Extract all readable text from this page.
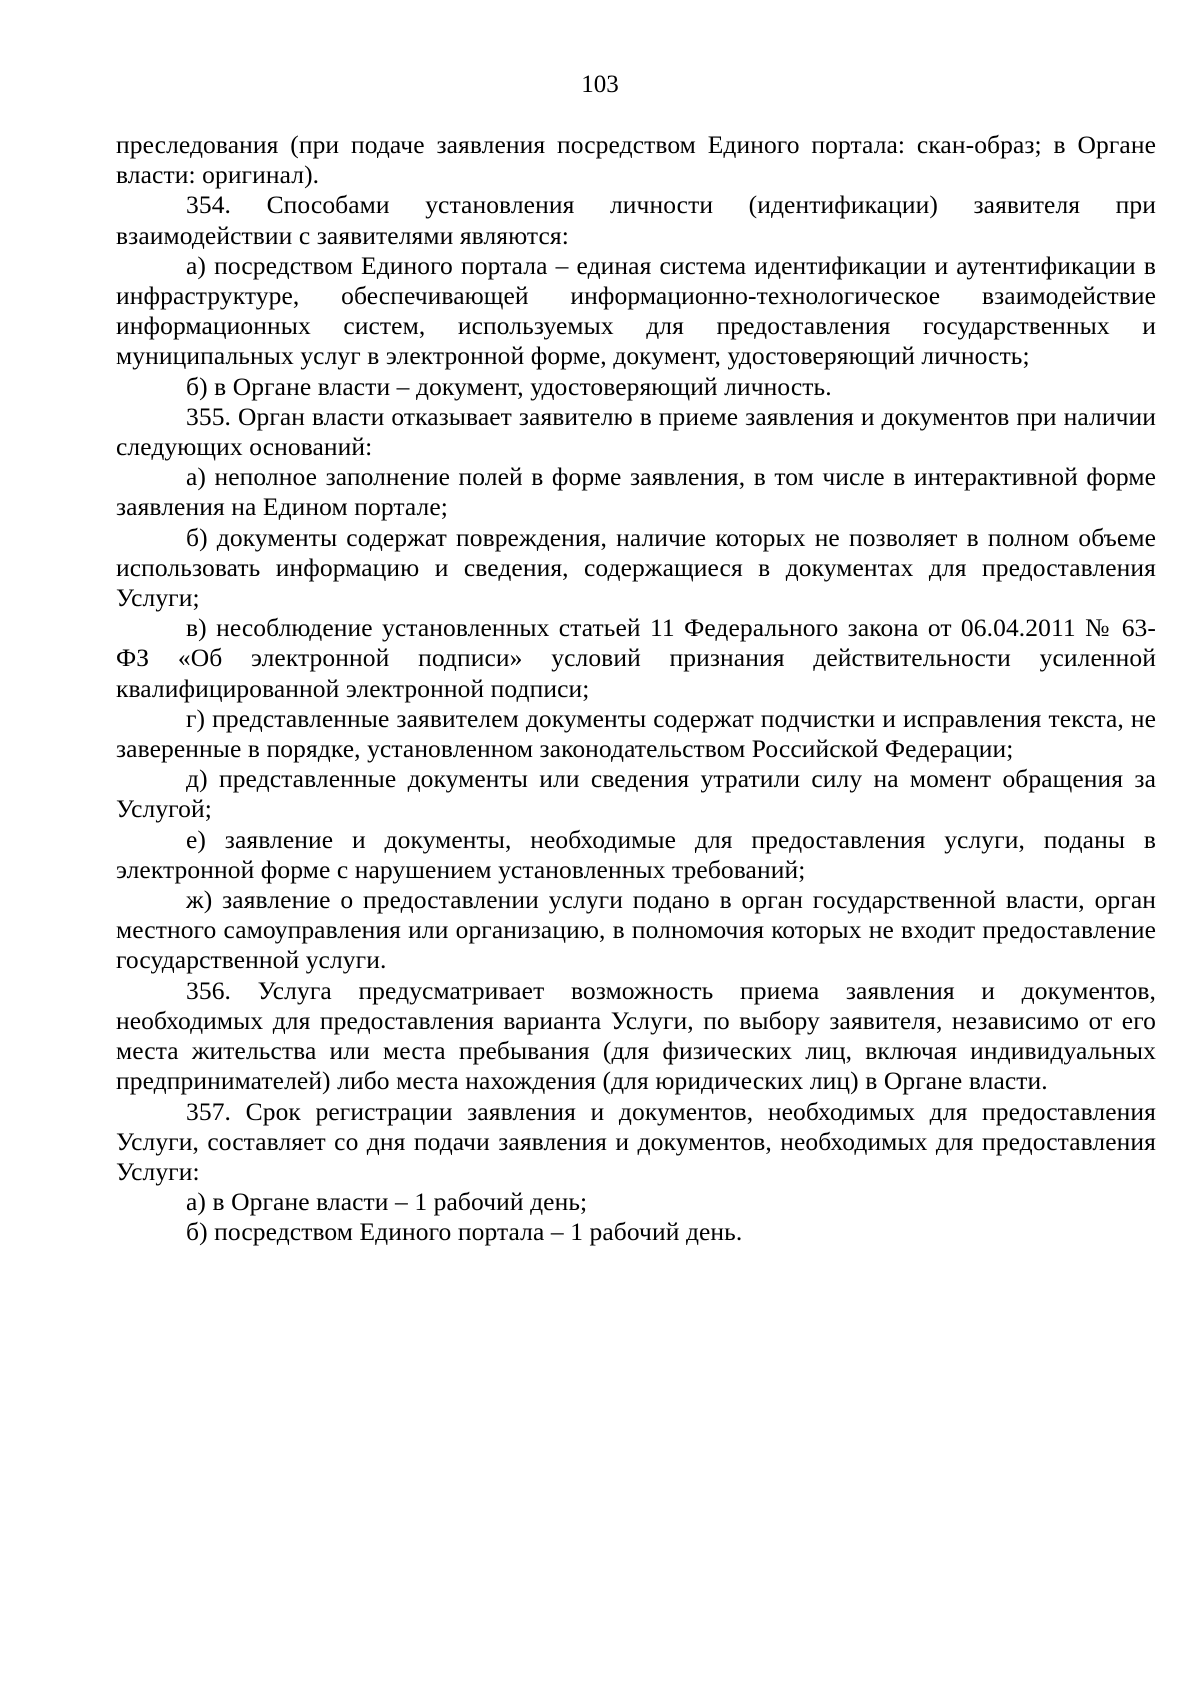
103

преследования (при подаче заявления посредством Единого портала: скан-образ; в Органе власти: оригинал).

354. Способами установления личности (идентификации) заявителя при взаимодействии с заявителями являются:

а) посредством Единого портала – единая система идентификации и аутентификации в инфраструктуре, обеспечивающей информационно-технологическое взаимодействие информационных систем, используемых для предоставления государственных и муниципальных услуг в электронной форме, документ, удостоверяющий личность;

б) в Органе власти – документ, удостоверяющий личность.

355. Орган власти отказывает заявителю в приеме заявления и документов при наличии следующих оснований:

а) неполное заполнение полей в форме заявления, в том числе в интерактивной форме заявления на Едином портале;

б) документы содержат повреждения, наличие которых не позволяет в полном объеме использовать информацию и сведения, содержащиеся в документах для предоставления Услуги;

в) несоблюдение установленных статьей 11 Федерального закона от 06.04.2011 № 63-ФЗ «Об электронной подписи» условий признания действительности усиленной квалифицированной электронной подписи;

г) представленные заявителем документы содержат подчистки и исправления текста, не заверенные в порядке, установленном законодательством Российской Федерации;

д) представленные документы или сведения утратили силу на момент обращения за Услугой;

е) заявление и документы, необходимые для предоставления услуги, поданы в электронной форме с нарушением установленных требований;

ж) заявление о предоставлении услуги подано в орган государственной власти, орган местного самоуправления или организацию, в полномочия которых не входит предоставление государственной услуги.

356. Услуга предусматривает возможность приема заявления и документов, необходимых для предоставления варианта Услуги, по выбору заявителя, независимо от его места жительства или места пребывания (для физических лиц, включая индивидуальных предпринимателей) либо места нахождения (для юридических лиц) в Органе власти.

357. Срок регистрации заявления и документов, необходимых для предоставления Услуги, составляет со дня подачи заявления и документов, необходимых для предоставления Услуги:

а) в Органе власти – 1 рабочий день;

б) посредством Единого портала – 1 рабочий день.
